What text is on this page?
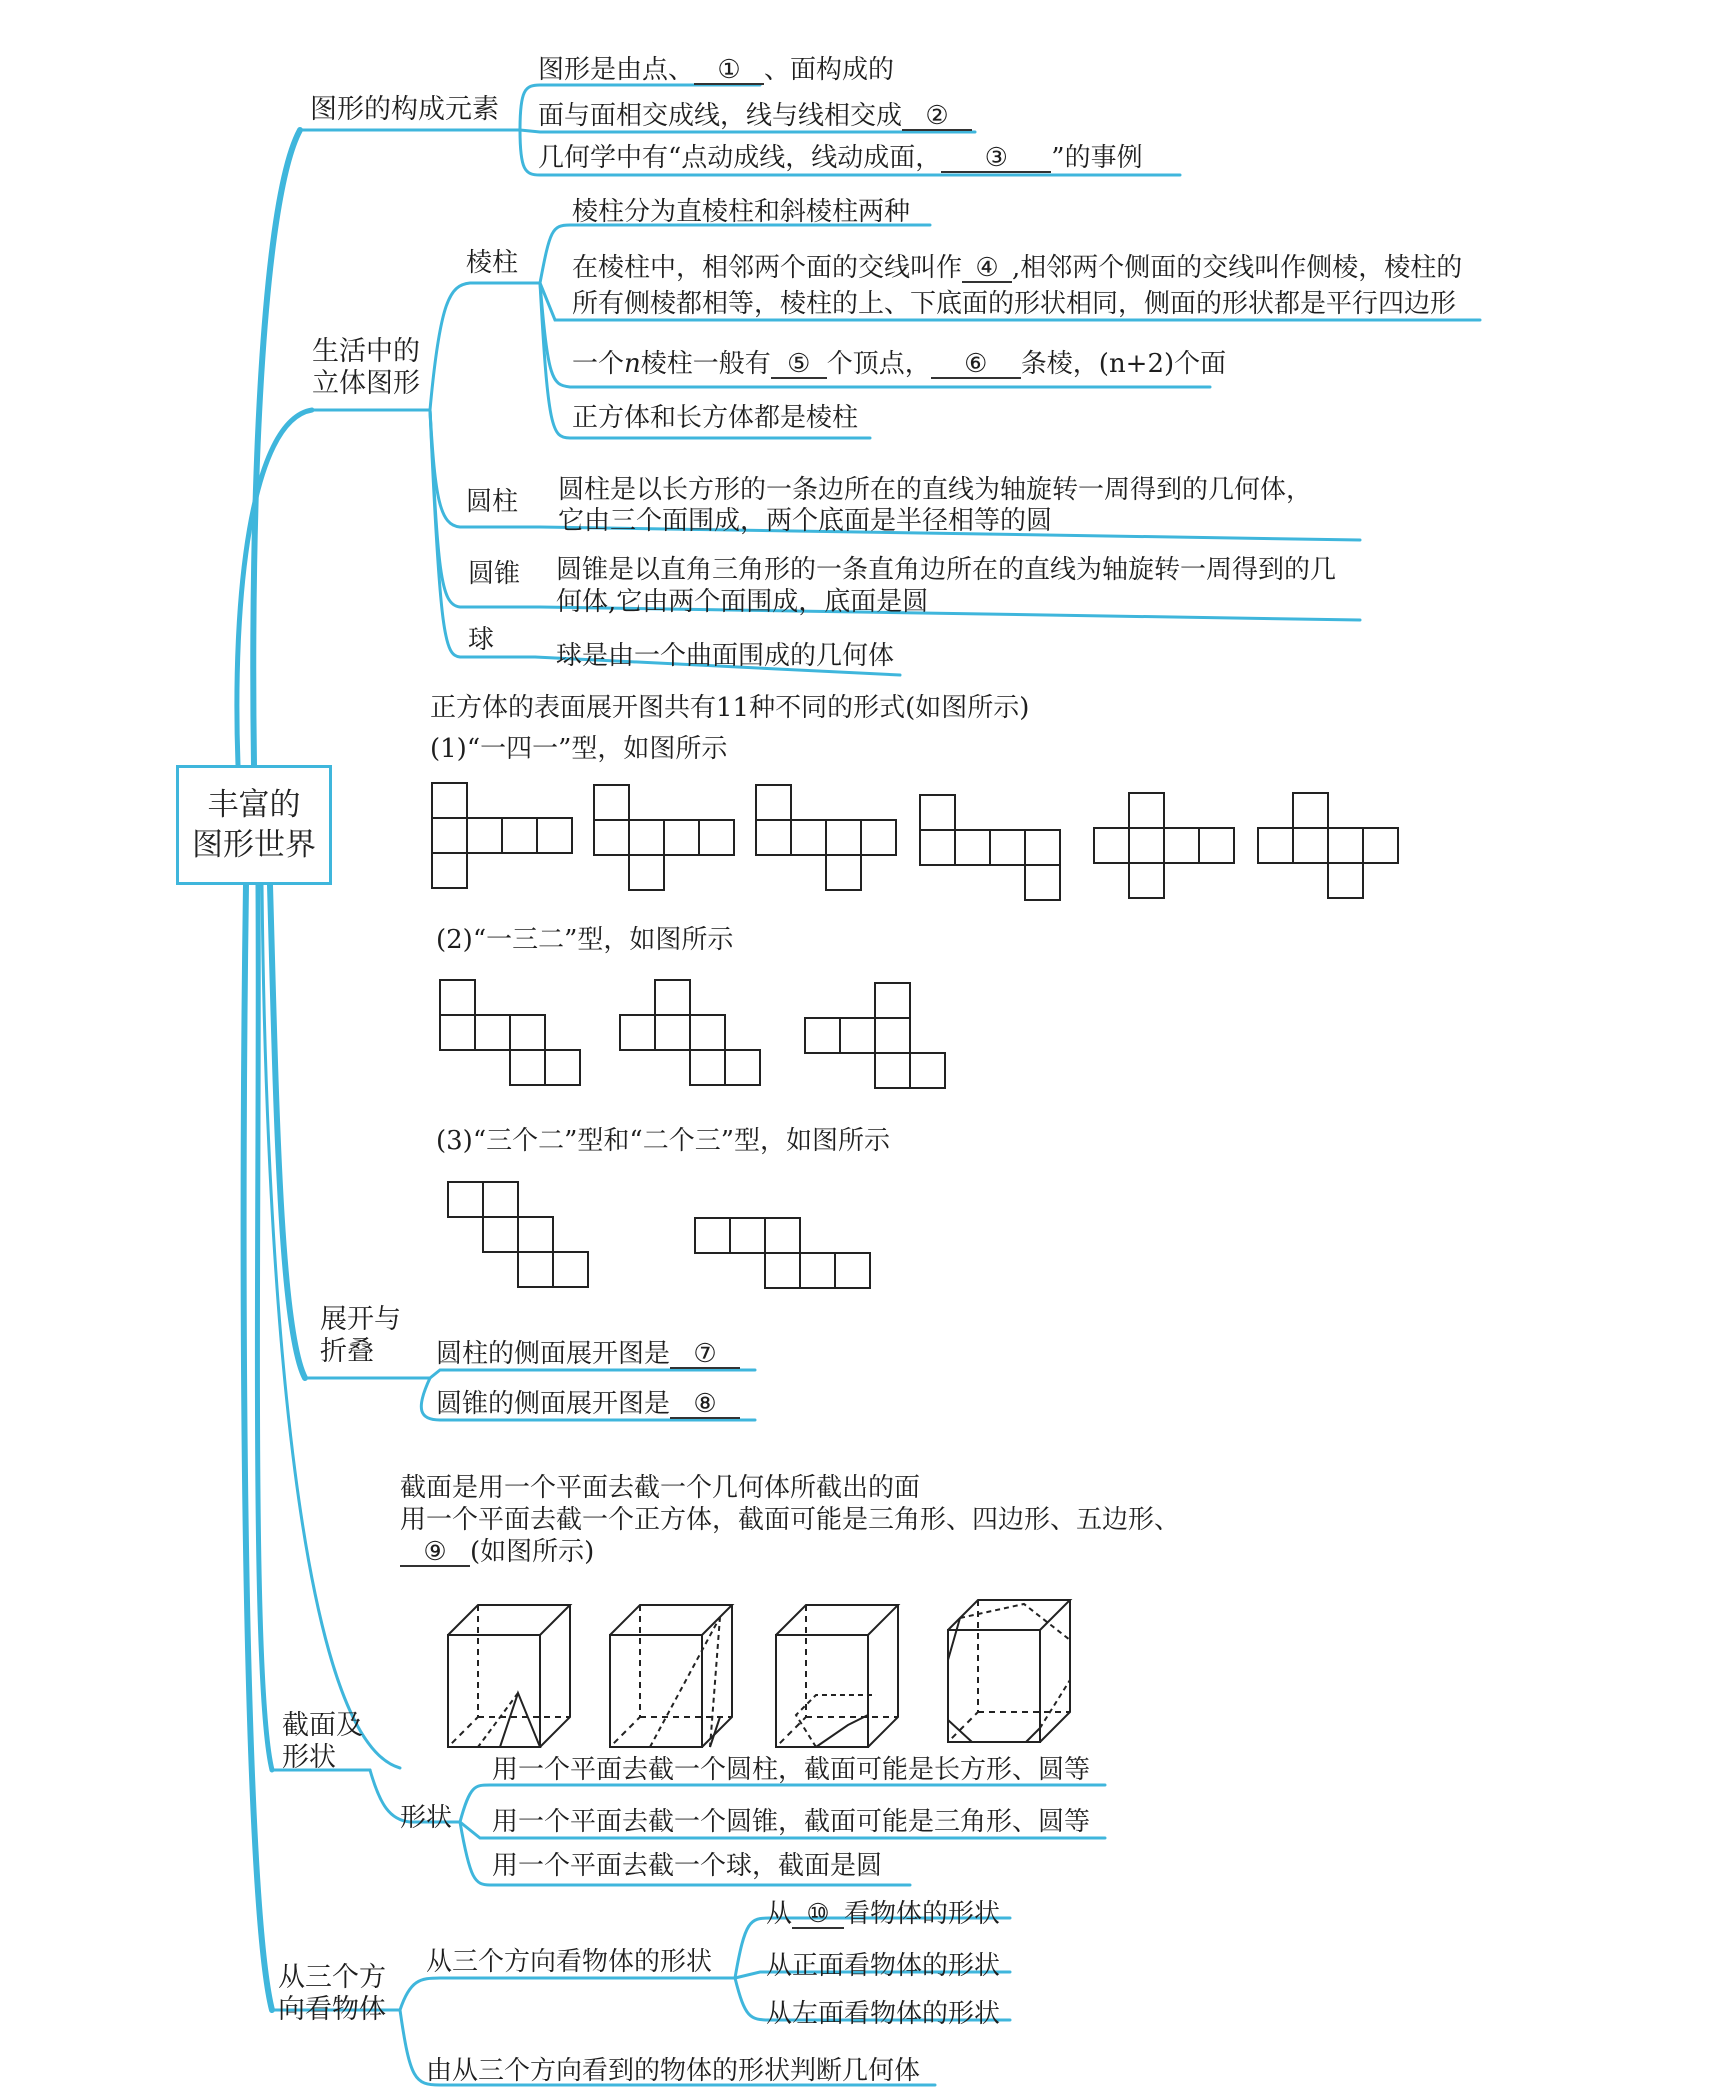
丰富的
图形世界
图形的构成元素
图形是由点、 ① 、面构成的
面与面相交成线，线与线相交成 ②
几何学中有“点动成线，线动成面， ③ ”的事例
生活中的
立体图形
棱柱
棱柱分为直棱柱和斜棱柱两种
在棱柱中，相邻两个面的交线叫作 ④ ,相邻两个侧面的交线叫作侧棱，棱柱的
所有侧棱都相等，棱柱的上、下底面的形状相同，侧面的形状都是平行四边形
一个n棱柱一般有 ⑤ 个顶点， ⑥ 条棱，(n+2)个面
正方体和长方体都是棱柱
圆柱 圆柱是以长方形的一条边所在的直线为轴旋转一周得到的几何体，
它由三个面围成，两个底面是半径相等的圆
圆锥 圆锥是以直角三角形的一条直角边所在的直线为轴旋转一周得到的几
何体,它由两个面围成，底面是圆
球
球是由一个曲面围成的几何体
正方体的表面展开图共有11种不同的形式(如图所示)
(1)“一四一”型，如图所示
(2)“一三二”型，如图所示
(3)“三个二”型和“二个三”型，如图所示
展开与
折叠	圆柱的侧面展开图是 ⑦
圆锥的侧面展开图是 ⑧
截面是用一个平面去截一个几何体所截出的面
用一个平面去截一个正方体，截面可能是三角形、四边形、五边形、
⑨ (如图所示)
截面及
形状
形状
用一个平面去截一个圆柱，截面可能是长方形、圆等
用一个平面去截一个圆锥，截面可能是三角形、圆等
用一个平面去截一个球，截面是圆
从三个方
向看物体
从三个方向看物体的形状
从 ⑩ 看物体的形状
从正面看物体的形状
从左面看物体的形状
由从三个方向看到的物体的形状判断几何体
